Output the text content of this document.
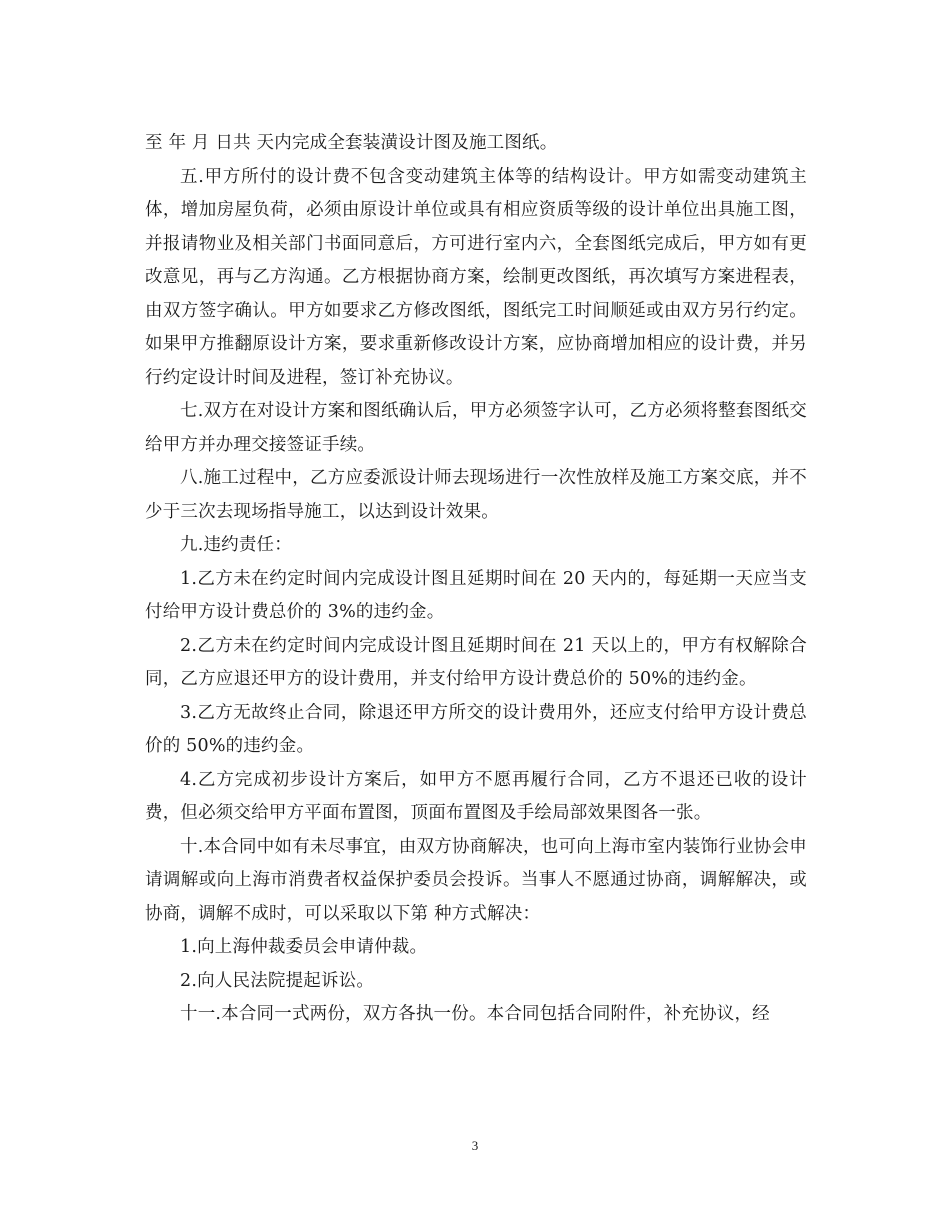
至 年 月 日共 天内完成全套装潢设计图及施工图纸。

五.甲方所付的设计费不包含变动建筑主体等的结构设计。甲方如需变动建筑主体，增加房屋负荷，必须由原设计单位或具有相应资质等级的设计单位出具施工图，并报请物业及相关部门书面同意后，方可进行室内六，全套图纸完成后，甲方如有更改意见，再与乙方沟通。乙方根据协商方案，绘制更改图纸，再次填写方案进程表，由双方签字确认。甲方如要求乙方修改图纸，图纸完工时间顺延或由双方另行约定。 如果甲方推翻原设计方案，要求重新修改设计方案，应协商增加相应的设计费，并另行约定设计时间及进程，签订补充协议。

七.双方在对设计方案和图纸确认后，甲方必须签字认可，乙方必须将整套图纸交给甲方并办理交接签证手续。

八.施工过程中，乙方应委派设计师去现场进行一次性放样及施工方案交底，并不少于三次去现场指导施工，以达到设计效果。

九.违约责任：

1.乙方未在约定时间内完成设计图且延期时间在 20 天内的，每延期一天应当支付给甲方设计费总价的 3%的违约金。

2.乙方未在约定时间内完成设计图且延期时间在 21 天以上的，甲方有权解除合同，乙方应退还甲方的设计费用，并支付给甲方设计费总价的 50%的违约金。

3.乙方无故终止合同，除退还甲方所交的设计费用外，还应支付给甲方设计费总价的 50%的违约金。

4.乙方完成初步设计方案后，如甲方不愿再履行合同，乙方不退还已收的设计费，但必须交给甲方平面布置图，顶面布置图及手绘局部效果图各一张。

十.本合同中如有未尽事宜，由双方协商解决，也可向上海市室内装饰行业协会申请调解或向上海市消费者权益保护委员会投诉。当事人不愿通过协商，调解解决，或协商，调解不成时，可以采取以下第 种方式解决：

1.向上海仲裁委员会申请仲裁。

2.向人民法院提起诉讼。

十一.本合同一式两份，双方各执一份。本合同包括合同附件，补充协议，经

3
